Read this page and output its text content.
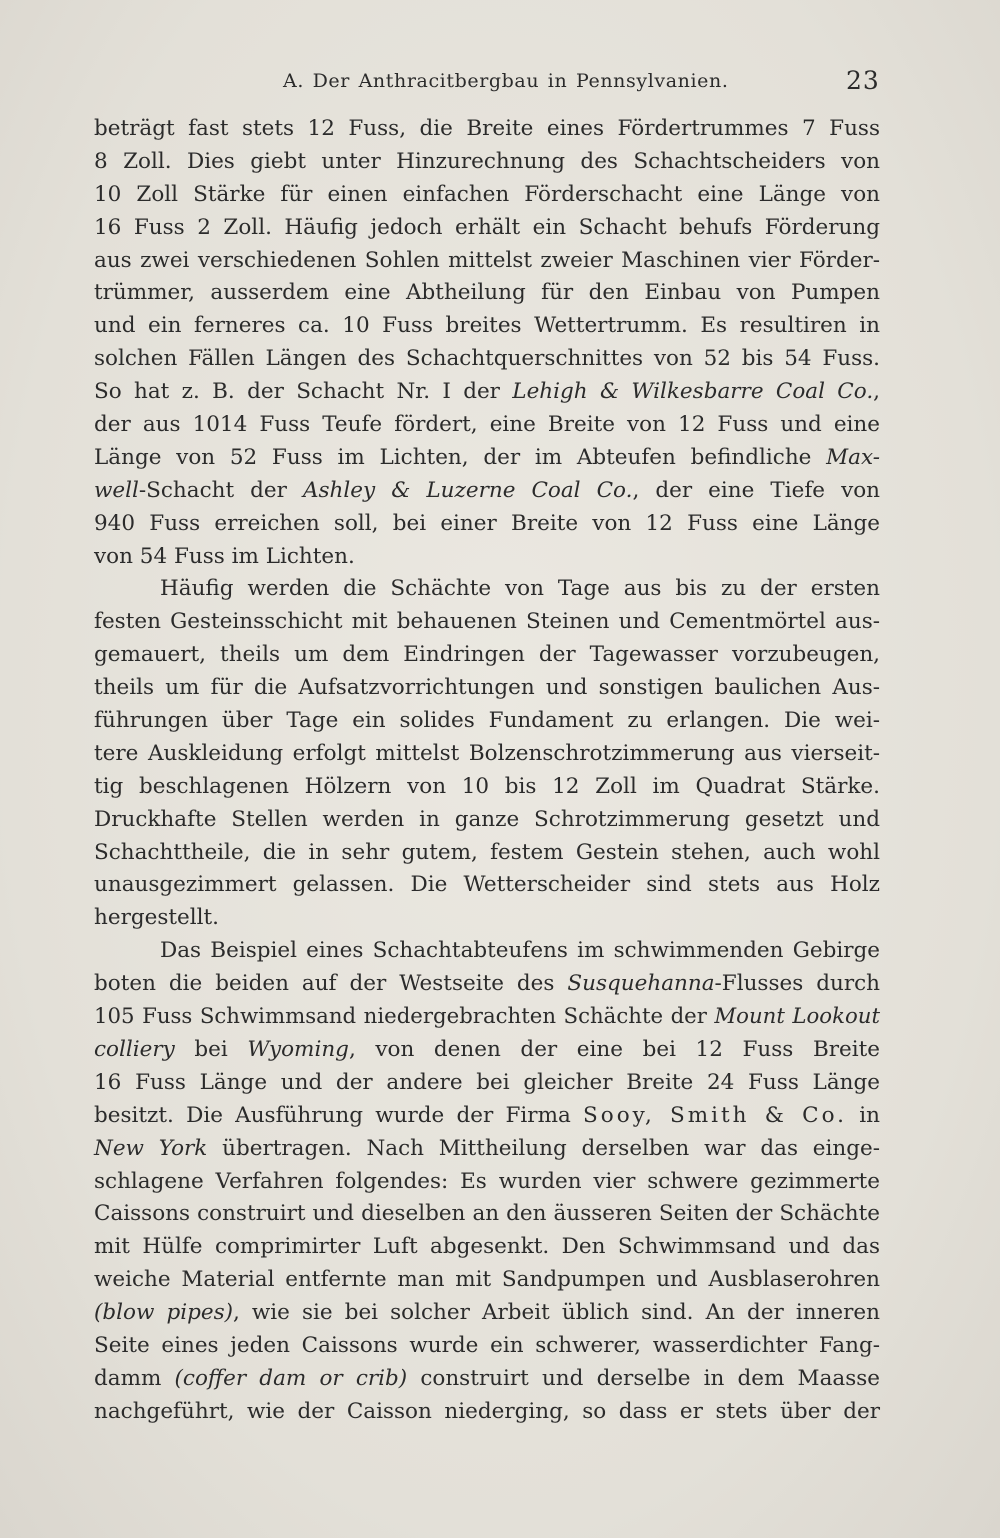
A. Der Anthracitbergbau in Pennsylvanien.	23
beträgt fast stets 12 Fuss, die Breite eines Fördertrummes 7 Fuss
8 Zoll. Dies giebt unter Hinzurechnung des Schachtscheiders von
10 Zoll Stärke für einen einfachen Förderschacht eine Länge von
16 Fuss 2 Zoll. Häufig jedoch erhält ein Schacht behufs Förderung
aus zwei verschiedenen Sohlen mittelst zweier Maschinen vier Förder-
trümmer, ausserdem eine Abtheilung für den Einbau von Pumpen
und ein ferneres ca. 10 Fuss breites Wettertrumm. Es resultiren in
solchen Fällen Längen des Schachtquerschnittes von 52 bis 54 Fuss.
So hat z. B. der Schacht Nr. I der Lehigh & Wilkesbarre Coal Co.,
der aus 1014 Fuss Teufe fördert, eine Breite von 12 Fuss und eine
Länge von 52 Fuss im Lichten, der im Abteufen befindliche Max-
well-Schacht der Ashley & Luzerne Coal Co., der eine Tiefe von
940 Fuss erreichen soll, bei einer Breite von 12 Fuss eine Länge
von 54 Fuss im Lichten.
Häufig werden die Schächte von Tage aus bis zu der ersten
festen Gesteinsschicht mit behauenen Steinen und Cementmörtel aus-
gemauert, theils um dem Eindringen der Tagewasser vorzubeugen,
theils um für die Aufsatzvorrichtungen und sonstigen baulichen Aus-
führungen über Tage ein solides Fundament zu erlangen. Die wei-
tere Auskleidung erfolgt mittelst Bolzenschrotzimmerung aus vierseit-
tig beschlagenen Hölzern von 10 bis 12 Zoll im Quadrat Stärke.
Druckhafte Stellen werden in ganze Schrotzimmerung gesetzt und
Schachttheile, die in sehr gutem, festem Gestein stehen, auch wohl
unausgezimmert gelassen. Die Wetterscheider sind stets aus Holz
hergestellt.
Das Beispiel eines Schachtabteufens im schwimmenden Gebirge
boten die beiden auf der Westseite des Susquehanna-Flusses durch
105 Fuss Schwimmsand niedergebrachten Schächte der Mount Lookout
colliery bei Wyoming, von denen der eine bei 12 Fuss Breite
16 Fuss Länge und der andere bei gleicher Breite 24 Fuss Länge
besitzt. Die Ausführung wurde der Firma Sooy, Smith & Co. in
New York übertragen. Nach Mittheilung derselben war das einge-
schlagene Verfahren folgendes: Es wurden vier schwere gezimmerte
Caissons construirt und dieselben an den äusseren Seiten der Schächte
mit Hülfe comprimirter Luft abgesenkt. Den Schwimmsand und das
weiche Material entfernte man mit Sandpumpen und Ausblaserohren
(blow pipes), wie sie bei solcher Arbeit üblich sind. An der inneren
Seite eines jeden Caissons wurde ein schwerer, wasserdichter Fang-
damm (coffer dam or crib) construirt und derselbe in dem Maasse
nachgeführt, wie der Caisson niederging, so dass er stets über der
